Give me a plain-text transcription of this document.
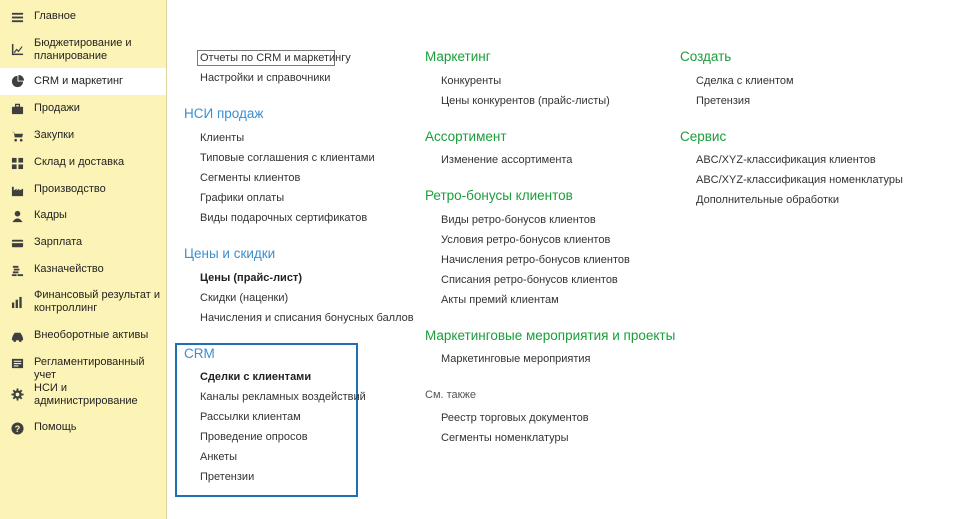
Главное
Бюджетирование и планирование
CRM и маркетинг
Продажи
Закупки
Склад и доставка
Производство
Кадры
Зарплата
Казначейство
Финансовый результат и контроллинг
Внеоборотные активы
Регламентированный учет
НСИ и администрирование
? Помощь
Отчеты по CRM и маркетингу
Настройки и справочники
НСИ продаж
Клиенты
Типовые соглашения с клиентами
Сегменты клиентов
Графики оплаты
Виды подарочных сертификатов
Цены и скидки
Цены (прайс-лист)
Скидки (наценки)
Начисления и списания бонусных баллов
CRM
Сделки с клиентами
Каналы рекламных воздействий
Рассылки клиентам
Проведение опросов
Анкеты
Претензии
Маркетинг
Конкуренты
Цены конкурентов (прайс-листы)
Ассортимент
Изменение ассортимента
Ретро-бонусы клиентов
Виды ретро-бонусов клиентов
Условия ретро-бонусов клиентов
Начисления ретро-бонусов клиентов
Списания ретро-бонусов клиентов
Акты премий клиентам
Маркетинговые мероприятия и проекты
Маркетинговые мероприятия
См. также
Реестр торговых документов
Сегменты номенклатуры
Создать
Сделка с клиентом
Претензия
Сервис
ABC/XYZ-классификация клиентов
ABC/XYZ-классификация номенклатуры
Дополнительные обработки
